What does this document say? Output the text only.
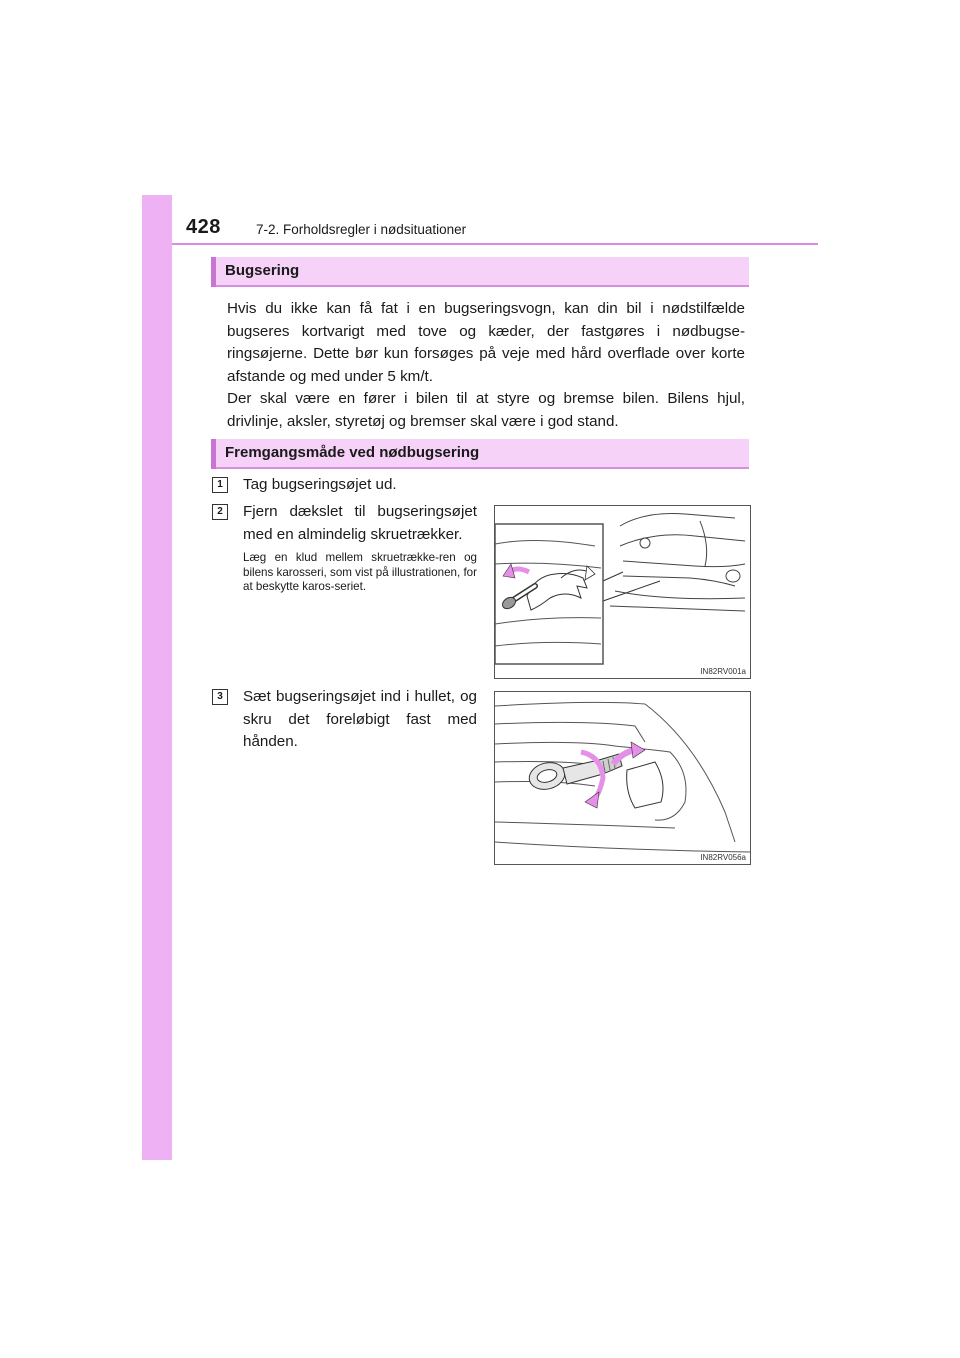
428	7-2. Forholdsregler i nødsituationer
Bugsering

Hvis du ikke kan få fat i en bugseringsvogn, kan din bil i nødstilfælde bugseres kortvarigt med tove og kæder, der fastgøres i nødbugse-ringsøjerne. Dette bør kun forsøges på veje med hård overflade over korte afstande og med under 5 km/t.

Der skal være en fører i bilen til at styre og bremse bilen. Bilens hjul, drivlinje, aksler, styretøj og bremser skal være i god stand.

Fremgangsmåde ved nødbugsering
1	Tag bugseringsøjet ud.
2	Fjern dækslet til bugseringsøjet med en almindelig skruetrækker.
Læg en klud mellem skruetrække-ren og bilens karosseri, som vist på illustrationen, for at beskytte karos-seriet.
IN82RV001a
3	Sæt bugseringsøjet ind i hullet, og skru det foreløbigt fast med hånden.
IN82RV056a
